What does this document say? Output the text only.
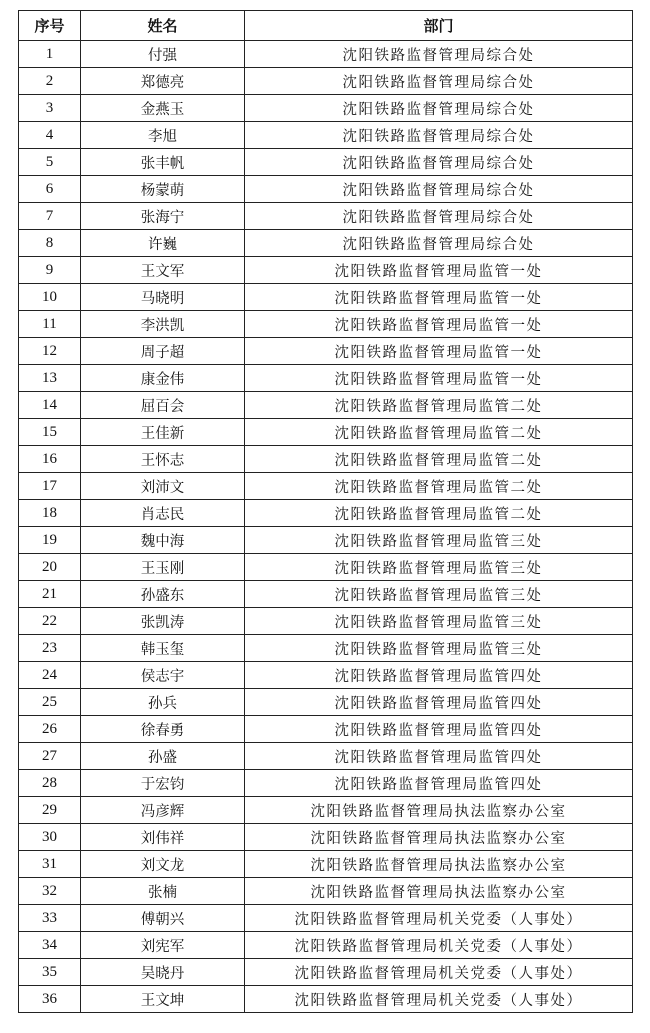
序号	姓名	部门
1	付强	沈阳铁路监督管理局综合处
2	郑德亮	沈阳铁路监督管理局综合处
3	金燕玉	沈阳铁路监督管理局综合处
4	李旭	沈阳铁路监督管理局综合处
5	张丰帆	沈阳铁路监督管理局综合处
6	杨蒙萌	沈阳铁路监督管理局综合处
7	张海宁	沈阳铁路监督管理局综合处
8	许巍	沈阳铁路监督管理局综合处
9	王文军	沈阳铁路监督管理局监管一处
10	马晓明	沈阳铁路监督管理局监管一处
11	李洪凯	沈阳铁路监督管理局监管一处
12	周子超	沈阳铁路监督管理局监管一处
13	康金伟	沈阳铁路监督管理局监管一处
14	屈百会	沈阳铁路监督管理局监管二处
15	王佳新	沈阳铁路监督管理局监管二处
16	王怀志	沈阳铁路监督管理局监管二处
17	刘沛文	沈阳铁路监督管理局监管二处
18	肖志民	沈阳铁路监督管理局监管二处
19	魏中海	沈阳铁路监督管理局监管三处
20	王玉刚	沈阳铁路监督管理局监管三处
21	孙盛东	沈阳铁路监督管理局监管三处
22	张凯涛	沈阳铁路监督管理局监管三处
23	韩玉玺	沈阳铁路监督管理局监管三处
24	侯志宇	沈阳铁路监督管理局监管四处
25	孙兵	沈阳铁路监督管理局监管四处
26	徐春勇	沈阳铁路监督管理局监管四处
27	孙盛	沈阳铁路监督管理局监管四处
28	于宏钧	沈阳铁路监督管理局监管四处
29	冯彦辉	沈阳铁路监督管理局执法监察办公室
30	刘伟祥	沈阳铁路监督管理局执法监察办公室
31	刘文龙	沈阳铁路监督管理局执法监察办公室
32	张楠	沈阳铁路监督管理局执法监察办公室
33	傅朝兴	沈阳铁路监督管理局机关党委（人事处）
34	刘宪军	沈阳铁路监督管理局机关党委（人事处）
35	吴晓丹	沈阳铁路监督管理局机关党委（人事处）
36	王文坤	沈阳铁路监督管理局机关党委（人事处）
